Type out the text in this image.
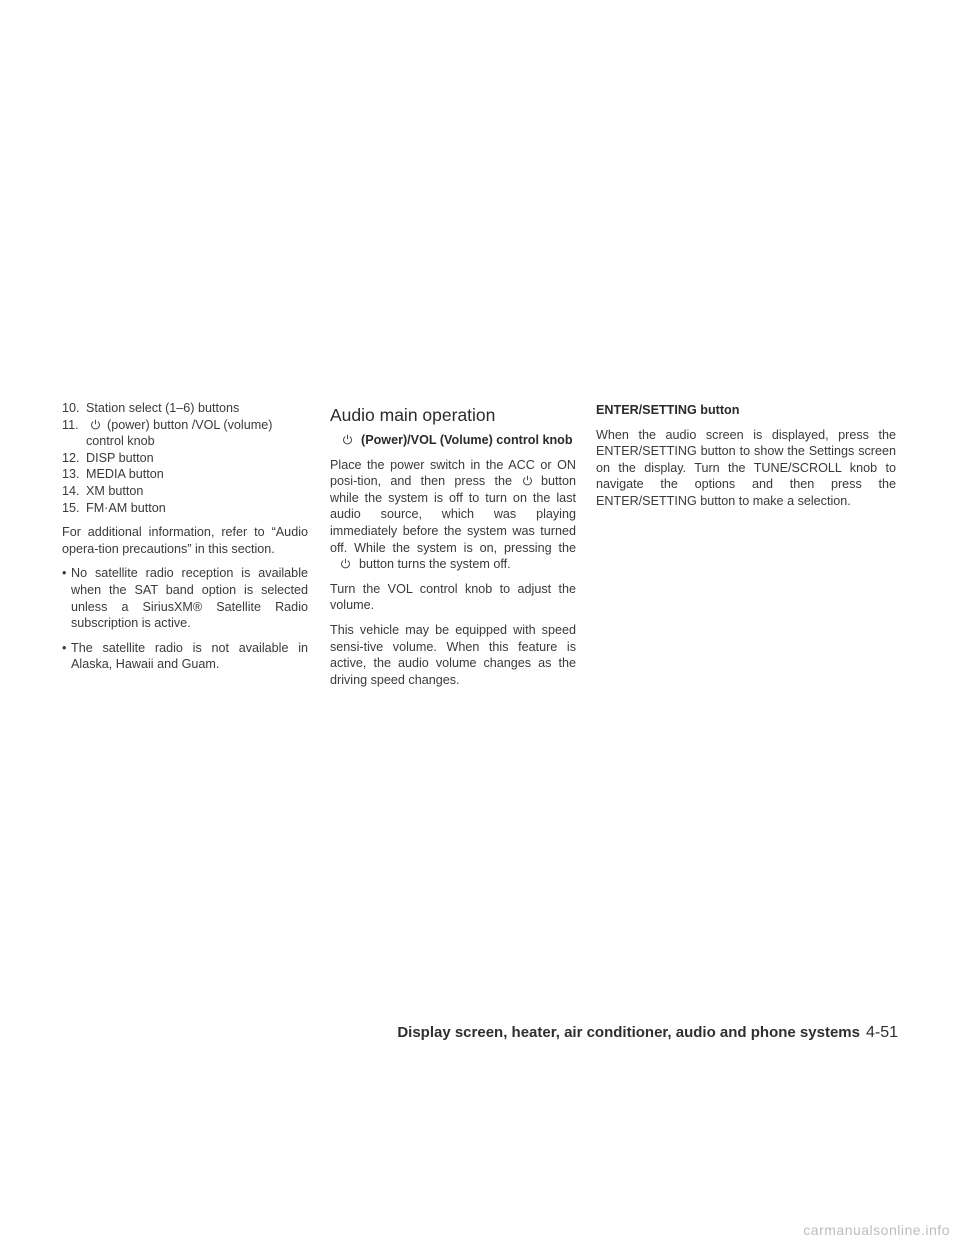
10. Station select (1–6) buttons
11. (power) button /VOL (volume) control knob
12. DISP button
13. MEDIA button
14. XM button
15. FM·AM button

For additional information, refer to “Audio opera-tion precautions” in this section.

• No satellite radio reception is available when the SAT band option is selected unless a SiriusXM® Satellite Radio subscription is active.
• The satellite radio is not available in Alaska, Hawaii and Guam.
Audio main operation
(Power)/VOL (Volume) control knob

Place the power switch in the ACC or ON posi-tion, and then press the button while the system is off to turn on the last audio source, which was playing immediately before the system was turned off. While the system is on, pressing the
button turns the system off.

Turn the VOL control knob to adjust the volume.

This vehicle may be equipped with speed sensi-tive volume. When this feature is active, the audio volume changes as the driving speed changes.

ENTER/SETTING button

When the audio screen is displayed, press the ENTER/SETTING button to show the Settings screen on the display. Turn the TUNE/SCROLL knob to navigate the options and then press the ENTER/SETTING button to make a selection.

Display screen, heater, air conditioner, audio and phone systems 4-51
carmanualsonline.info
